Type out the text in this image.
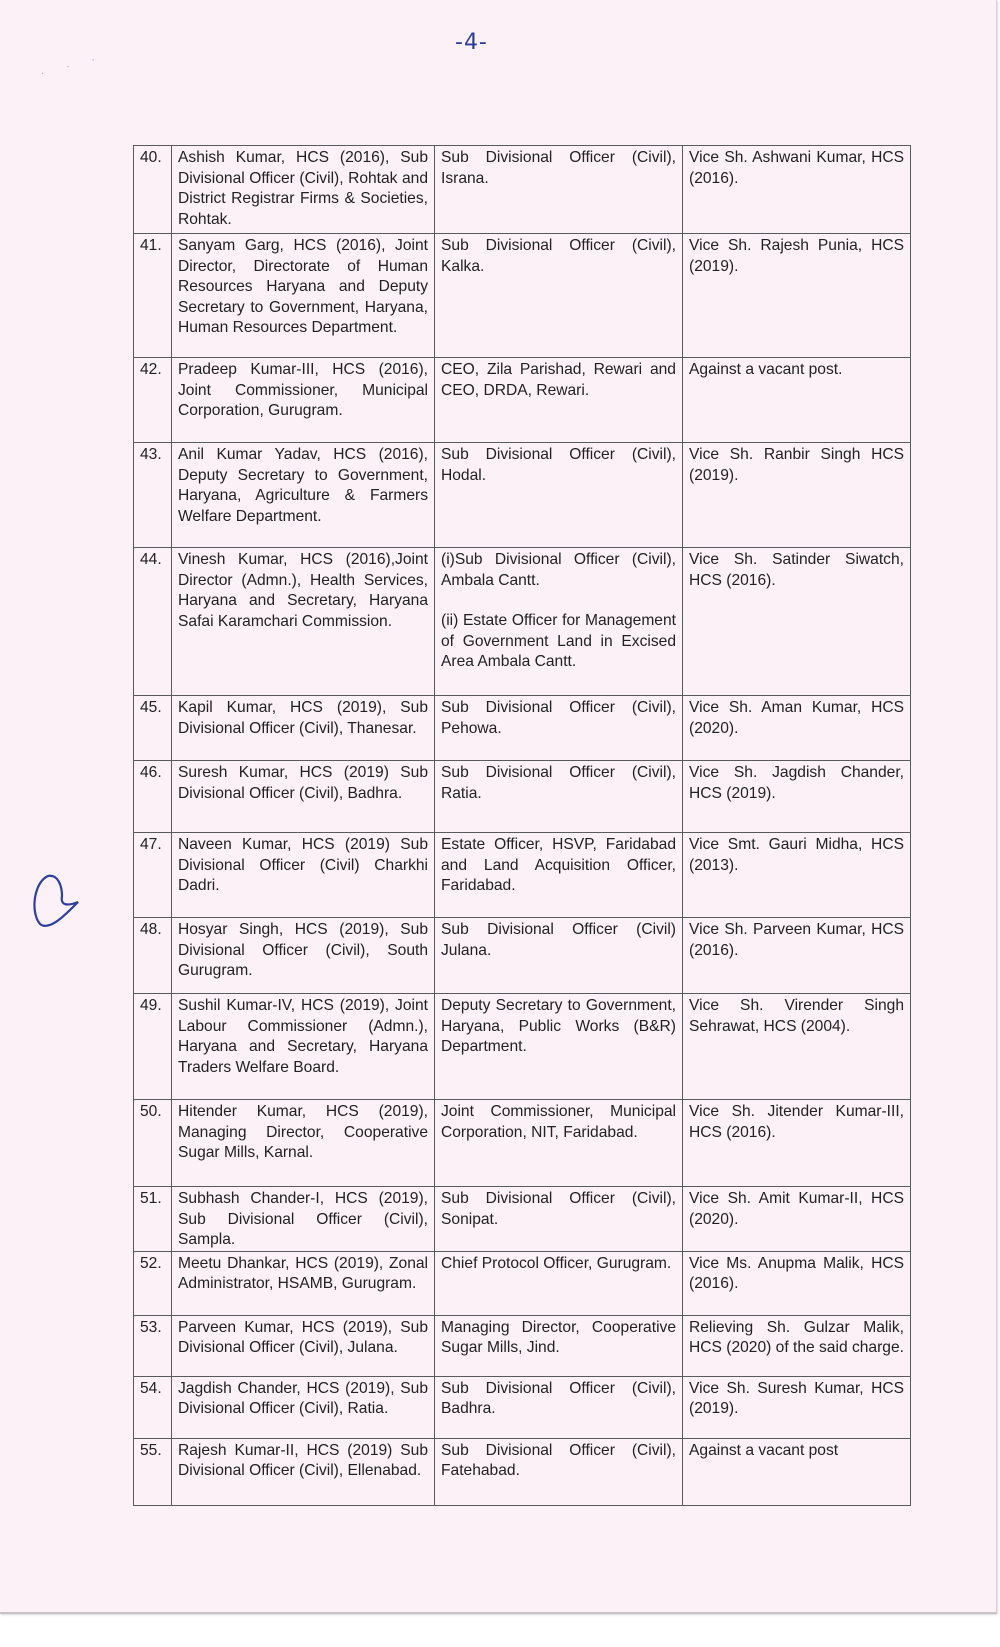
-4-
· · ·
40.	Ashish Kumar, HCS (2016), Sub Divisional Officer (Civil), Rohtak and District Registrar Firms & Societies, Rohtak.	Sub Divisional Officer (Civil), Israna.	Vice Sh. Ashwani Kumar, HCS (2016).
41.	Sanyam Garg, HCS (2016), Joint Director, Directorate of Human Resources Haryana and Deputy Secretary to Government, Haryana, Human Resources Department.	Sub Divisional Officer (Civil), Kalka.	Vice Sh. Rajesh Punia, HCS (2019).
42.	Pradeep Kumar-III, HCS (2016), Joint Commissioner, Municipal Corporation, Gurugram.	CEO, Zila Parishad, Rewari and CEO, DRDA, Rewari.	Against a vacant post.
43.	Anil Kumar Yadav, HCS (2016), Deputy Secretary to Government, Haryana, Agriculture & Farmers Welfare Department.	Sub Divisional Officer (Civil), Hodal.	Vice Sh. Ranbir Singh HCS (2019).
44.	Vinesh Kumar, HCS (2016),Joint Director (Admn.), Health Services, Haryana and Secretary, Haryana Safai Karamchari Commission.	(i)Sub Divisional Officer (Civil), Ambala Cantt.
(ii) Estate Officer for Management of Government Land in Excised Area Ambala Cantt.	Vice Sh. Satinder Siwatch, HCS (2016).
45.	Kapil Kumar, HCS (2019), Sub Divisional Officer (Civil), Thanesar.	Sub Divisional Officer (Civil), Pehowa.	Vice Sh. Aman Kumar, HCS (2020).
46.	Suresh Kumar, HCS (2019) Sub Divisional Officer (Civil), Badhra.	Sub Divisional Officer (Civil), Ratia.	Vice Sh. Jagdish Chander, HCS (2019).
47.	Naveen Kumar, HCS (2019) Sub Divisional Officer (Civil) Charkhi Dadri.	Estate Officer, HSVP, Faridabad and Land Acquisition Officer, Faridabad.	Vice Smt. Gauri Midha, HCS (2013).
48.	Hosyar Singh, HCS (2019), Sub Divisional Officer (Civil), South Gurugram.	Sub Divisional Officer (Civil) Julana.	Vice Sh. Parveen Kumar, HCS (2016).
49.	Sushil Kumar-IV, HCS (2019), Joint Labour Commissioner (Admn.), Haryana and Secretary, Haryana Traders Welfare Board.	Deputy Secretary to Government, Haryana, Public Works (B&R) Department.	Vice Sh. Virender Singh Sehrawat, HCS (2004).
50.	Hitender Kumar, HCS (2019), Managing Director, Cooperative Sugar Mills, Karnal.	Joint Commissioner, Municipal Corporation, NIT, Faridabad.	Vice Sh. Jitender Kumar-III, HCS (2016).
51.	Subhash Chander-I, HCS (2019), Sub Divisional Officer (Civil), Sampla.	Sub Divisional Officer (Civil), Sonipat.	Vice Sh. Amit Kumar-II, HCS (2020).
52.	Meetu Dhankar, HCS (2019), Zonal Administrator, HSAMB, Gurugram.	Chief Protocol Officer, Gurugram.	Vice Ms. Anupma Malik, HCS (2016).
53.	Parveen Kumar, HCS (2019), Sub Divisional Officer (Civil), Julana.	Managing Director, Cooperative Sugar Mills, Jind.	Relieving Sh. Gulzar Malik, HCS (2020) of the said charge.
54.	Jagdish Chander, HCS (2019), Sub Divisional Officer (Civil), Ratia.	Sub Divisional Officer (Civil), Badhra.	Vice Sh. Suresh Kumar, HCS (2019).
55.	Rajesh Kumar-II, HCS (2019) Sub Divisional Officer (Civil), Ellenabad.	Sub Divisional Officer (Civil), Fatehabad.	Against a vacant post
